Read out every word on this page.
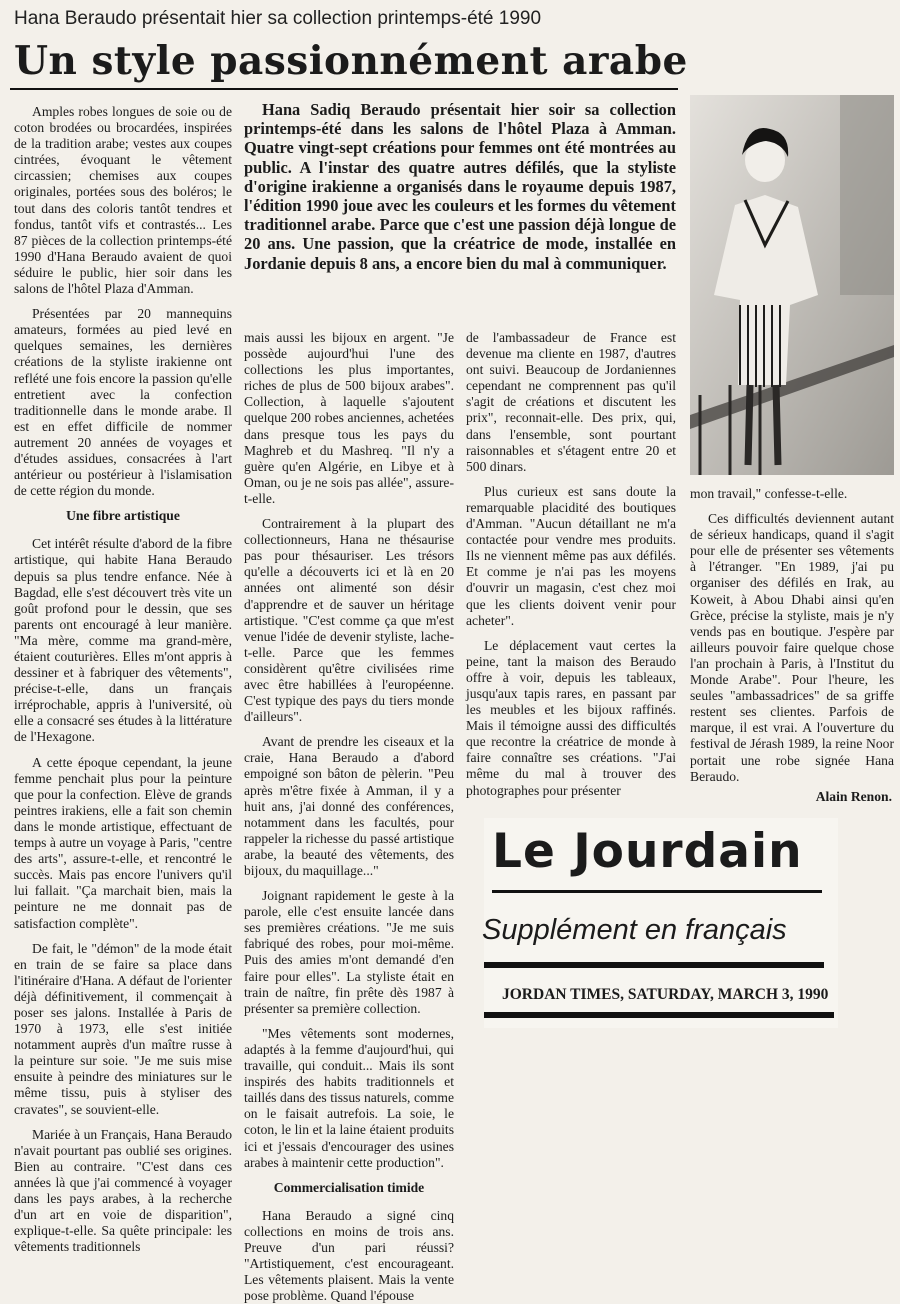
Hana Beraudo présentait hier sa collection printemps-été 1990
Un style passionnément arabe
Hana Sadiq Beraudo présentait hier soir sa collection printemps-été dans les salons de l'hôtel Plaza à Amman. Quatre vingt-sept créations pour femmes ont été montrées au public. A l'instar des quatre autres défilés, que la styliste d'origine irakienne a organisés dans le royaume depuis 1987, l'édition 1990 joue avec les couleurs et les formes du vêtement traditionnel arabe. Parce que c'est une passion déjà longue de 20 ans. Une passion, que la créatrice de mode, installée en Jordanie depuis 8 ans, a encore bien du mal à communiquer.

Amples robes longues de soie ou de coton brodées ou brocardées, inspirées de la tradition arabe; vestes aux coupes cintrées, évoquant le vêtement circassien; chemises aux coupes originales, portées sous des boléros; le tout dans des coloris tantôt tendres et fondus, tantôt vifs et contrastés... Les 87 pièces de la collection printemps-été 1990 d'Hana Beraudo avaient de quoi séduire le public, hier soir dans les salons de l'hôtel Plaza d'Amman.

Présentées par 20 mannequins amateurs, formées au pied levé en quelques semaines, les dernières créations de la styliste irakienne ont reflété une fois encore la passion qu'elle entretient avec la confection traditionnelle dans le monde arabe. Il est en effet difficile de nommer autrement 20 années de voyages et d'études assidues, consacrées à l'art antérieur ou postérieur à l'islamisation de cette région du monde.

Une fibre artistique

Cet intérêt résulte d'abord de la fibre artistique, qui habite Hana Beraudo depuis sa plus tendre enfance. Née à Bagdad, elle s'est découvert très vite un goût profond pour le dessin, que ses parents ont encouragé à leur manière. "Ma mère, comme ma grand-mère, étaient couturières. Elles m'ont appris à dessiner et à fabriquer des vêtements", précise-t-elle, dans un français irréprochable, appris à l'université, où elle a consacré ses études à la littérature de l'Hexagone.

A cette époque cependant, la jeune femme penchait plus pour la peinture que pour la confection. Elève de grands peintres irakiens, elle a fait son chemin dans le monde artistique, effectuant de temps à autre un voyage à Paris, "centre des arts", assure-t-elle, et rencontré le succès. Mais pas encore l'univers qu'il lui fallait. "Ça marchait bien, mais la peinture ne me donnait pas de satisfaction complète".

De fait, le "démon" de la mode était en train de se faire sa place dans l'itinéraire d'Hana. A défaut de l'orienter déjà définitivement, il commençait à poser ses jalons. Installée à Paris de 1970 à 1973, elle s'est initiée notamment auprès d'un maître russe à la peinture sur soie. "Je me suis mise ensuite à peindre des miniatures sur le même tissu, puis à styliser des cravates", se souvient-elle.

Mariée à un Français, Hana Beraudo n'avait pourtant pas oublié ses origines. Bien au contraire. "C'est dans ces années là que j'ai commencé à voyager dans les pays arabes, à la recherche d'un art en voie de disparition", explique-t-elle. Sa quête principale: les vêtements traditionnels

mais aussi les bijoux en argent. "Je possède aujourd'hui l'une des collections les plus importantes, riches de plus de 500 bijoux arabes". Collection, à laquelle s'ajoutent quelque 200 robes anciennes, achetées dans presque tous les pays du Maghreb et du Mashreq. "Il n'y a guère qu'en Algérie, en Libye et à Oman, ou je ne sois pas allée", assure-t-elle.

Contrairement à la plupart des collectionneurs, Hana ne thésaurise pas pour thésauriser. Les trésors qu'elle a découverts ici et là en 20 années ont alimenté son désir d'apprendre et de sauver un héritage artistique. "C'est comme ça que m'est venue l'idée de devenir styliste, lache-t-elle. Parce que les femmes considèrent qu'être civilisées rime avec être habillées à l'européenne. C'est typique des pays du tiers monde d'ailleurs".

Avant de prendre les ciseaux et la craie, Hana Beraudo a d'abord empoigné son bâton de pèlerin. "Peu après m'être fixée à Amman, il y a huit ans, j'ai donné des conférences, notamment dans les facultés, pour rappeler la richesse du passé artistique arabe, la beauté des vêtements, des bijoux, du maquillage..."

Joignant rapidement le geste à la parole, elle c'est ensuite lancée dans ses premières créations. "Je me suis fabriqué des robes, pour moi-même. Puis des amies m'ont demandé d'en faire pour elles". La styliste était en train de naître, fin prête dès 1987 à présenter sa première collection.

"Mes vêtements sont modernes, adaptés à la femme d'aujourd'hui, qui travaille, qui conduit... Mais ils sont inspirés des habits traditionnels et taillés dans des tissus naturels, comme on le faisait autrefois. La soie, le coton, le lin et la laine étaient produits ici et j'essais d'encourager des usines arabes à maintenir cette production".

Commercialisation timide

Hana Beraudo a signé cinq collections en moins de trois ans. Preuve d'un pari réussi? "Artistiquement, c'est encourageant. Les vêtements plaisent. Mais la vente pose problème. Quand l'épouse

de l'ambassadeur de France est devenue ma cliente en 1987, d'autres ont suivi. Beaucoup de Jordaniennes cependant ne comprennent pas qu'il s'agit de créations et discutent les prix", reconnait-elle. Des prix, qui, dans l'ensemble, sont pourtant raisonnables et s'étagent entre 20 et 500 dinars.

Plus curieux est sans doute la remarquable placidité des boutiques d'Amman. "Aucun détaillant ne m'a contactée pour vendre mes produits. Ils ne viennent même pas aux défilés. Et comme je n'ai pas les moyens d'ouvrir un magasin, c'est chez moi que les clients doivent venir pour acheter".

Le déplacement vaut certes la peine, tant la maison des Beraudo offre à voir, depuis les tableaux, jusqu'aux tapis rares, en passant par les meubles et les bijoux raffinés. Mais il témoigne aussi des difficultés que recontre la créatrice de monde à faire connaître ses créations. "J'ai même du mal à trouver des photographes pour présenter

mon travail," confesse-t-elle.

Ces difficultés deviennent autant de sérieux handicaps, quand il s'agit pour elle de présenter ses vêtements à l'étranger. "En 1989, j'ai pu organiser des défilés en Irak, au Koweit, à Abou Dhabi ainsi qu'en Grèce, précise la styliste, mais je n'y vends pas en boutique. J'espère par ailleurs pouvoir faire quelque chose l'an prochain à Paris, à l'Institut du Monde Arabe". Pour l'heure, les seules "ambassadrices" de sa griffe restent ses clientes. Parfois de marque, il est vrai. A l'ouverture du festival de Jérash 1989, la reine Noor portait une robe signée Hana Beraudo.

Alain Renon.
Le Jourdain
Supplément en français
JORDAN TIMES, SATURDAY, MARCH 3, 1990
